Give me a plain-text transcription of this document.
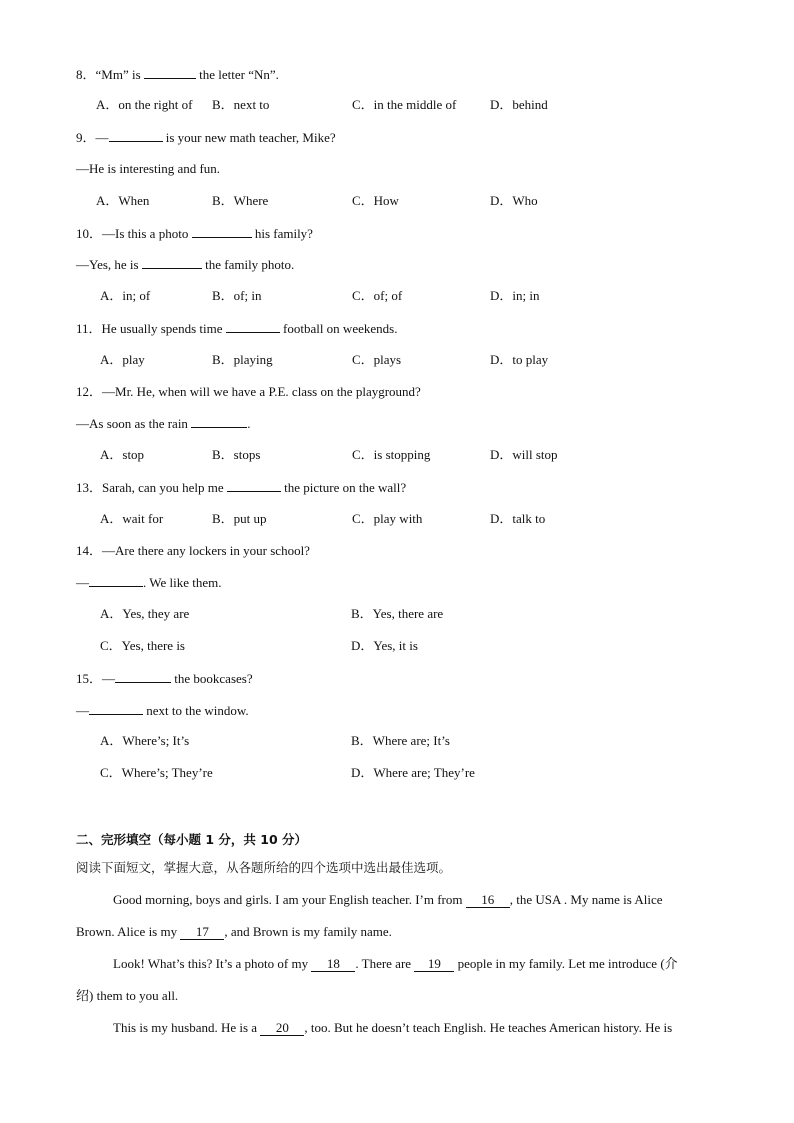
8．“Mm” is	the letter “Nn”.
A．on the right of B．next to	C．in the middle of	D．behind
9．—	is your new math teacher, Mike?
—He is interesting and fun.
A．When	B．Where	C．How	D．Who
10．—Is this a photo	his family?
—Yes, he is	the family photo.
A．in; of	B．of; in	C．of; of	D．in; in
11．He usually spends time	football on weekends.
A．play	B．playing	C．plays	D．to play
12．—Mr. He, when will we have a P.E. class on the playground?
—As soon as the rain	.
A．stop	B．stops	C．is stopping	D．will stop
13．Sarah, can you help me	the picture on the wall?
A．wait for	B．put up	C．play with	D．talk to
14．—Are there any lockers in your school?
—	. We like them.
A．Yes, they are	B．Yes, there are
C．Yes, there is	D．Yes, it is
15．—	the bookcases?
—	next to the window.
A．Where’s; It’s	B．Where are; It’s
C．Where’s; They’re	D．Where are; They’re
二、完形填空（每小题 1 分，共 10 分）
阅读下面短文，掌握大意，从各题所给的四个选项中选出最佳选项。
Good morning, boys and girls. I am your English teacher. I’m from 16 , the USA . My name is Alice
Brown. Alice is my 17 , and Brown is my family name.
Look! What’s this? It’s a photo of my 18 . There are 19 people in my family. Let me introduce (介
绍) them to you all.
This is my husband. He is a 20 , too. But he doesn’t teach English. He teaches American history. He is
